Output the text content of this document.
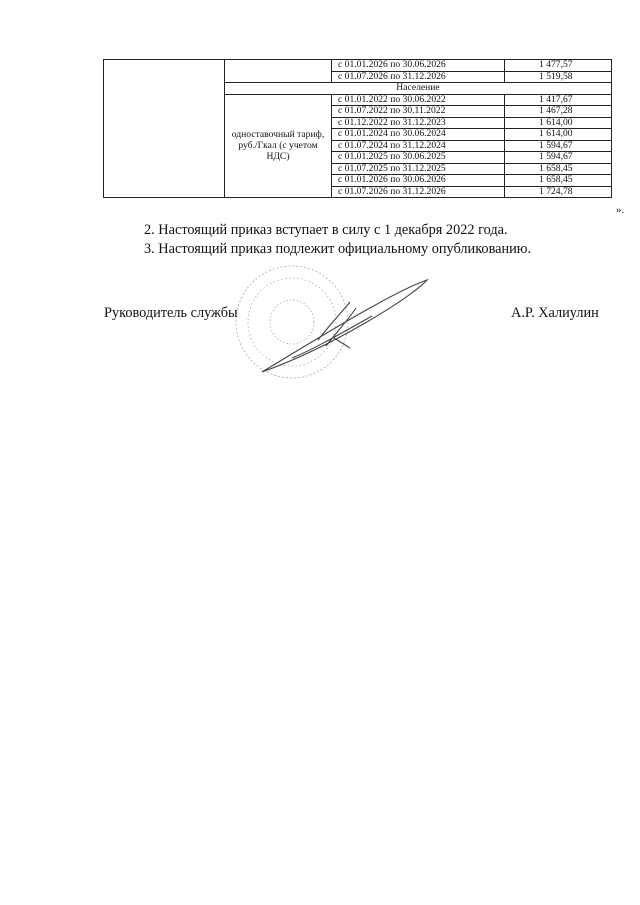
		с 01.01.2026 по 30.06.2026	1 477,57
		с 01.07.2026 по 31.12.2026	1 519,58
	Население		
	одноставочный тариф, руб./Гкал (с учетом НДС)	с 01.01.2022 по 30.06.2022	1 417,67
		с 01.07.2022 по 30.11.2022	1 467,28
		с 01.12.2022 по 31.12.2023	1 614,00
		с 01.01.2024 по 30.06.2024	1 614,00
		с 01.07.2024 по 31.12.2024	1 594,67
		с 01.01.2025 по 30.06.2025	1 594,67
		с 01.07.2025 по 31.12.2025	1 658,45
		с 01.01.2026 по 30.06.2026	1 658,45
		с 01.07.2026 по 31.12.2026	1 724,78
».
2. Настоящий приказ вступает в силу с 1 декабря 2022 года.
3. Настоящий приказ подлежит официальному опубликованию.
Руководитель службы	А.Р. Халиулин
